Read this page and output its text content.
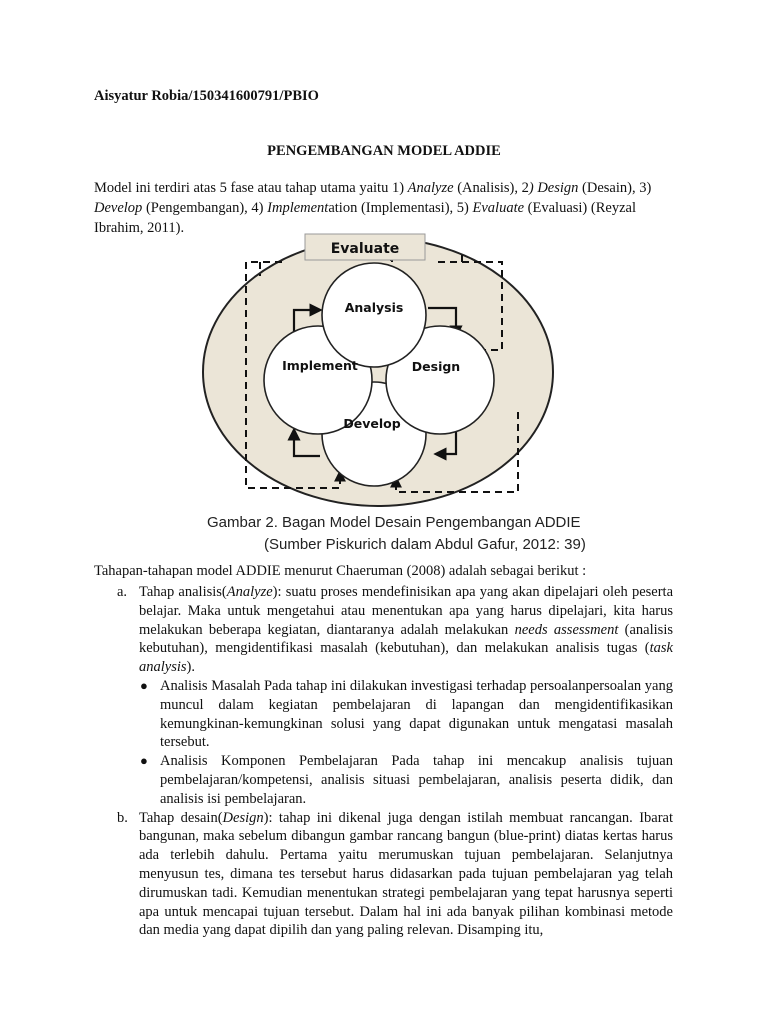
Aisyatur Robia/150341600791/PBIO
PENGEMBANGAN MODEL ADDIE
Model ini terdiri atas 5 fase atau tahap utama yaitu 1) Analyze (Analisis), 2) Design (Desain), 3) Develop (Pengembangan), 4) Implementation (Implementasi), 5) Evaluate (Evaluasi) (Reyzal Ibrahim, 2011).
Evaluate
Analysis
Implement	Design
Develop
Gambar 2. Bagan Model Desain Pengembangan ADDIE
(Sumber Piskurich dalam Abdul Gafur, 2012: 39)
Tahapan-tahapan model ADDIE menurut Chaeruman (2008) adalah sebagai berikut :
a. Tahap analisis(Analyze): suatu proses mendefinisikan apa yang akan dipelajari oleh peserta belajar. Maka untuk mengetahui atau menentukan apa yang harus dipelajari, kita harus melakukan beberapa kegiatan, diantaranya adalah melakukan needs assessment (analisis kebutuhan), mengidentifikasi masalah (kebutuhan), dan melakukan analisis tugas (task analysis).
● Analisis Masalah Pada tahap ini dilakukan investigasi terhadap persoalanpersoalan yang muncul dalam kegiatan pembelajaran di lapangan dan mengidentifikasikan kemungkinan-kemungkinan solusi yang dapat digunakan untuk mengatasi masalah tersebut.
● Analisis Komponen Pembelajaran Pada tahap ini mencakup analisis tujuan pembelajaran/kompetensi, analisis situasi pembelajaran, analisis peserta didik, dan analisis isi pembelajaran.
b. Tahap desain(Design): tahap ini dikenal juga dengan istilah membuat rancangan. Ibarat bangunan, maka sebelum dibangun gambar rancang bangun (blue-print) diatas kertas harus ada terlebih dahulu. Pertama yaitu merumuskan tujuan pembelajaran. Selanjutnya menyusun tes, dimana tes tersebut harus didasarkan pada tujuan pembelajaran yag telah dirumuskan tadi. Kemudian menentukan strategi pembelajaran yang tepat harusnya seperti apa untuk mencapai tujuan tersebut. Dalam hal ini ada banyak pilihan kombinasi metode dan media yang dapat dipilih dan yang paling relevan. Disamping itu,
